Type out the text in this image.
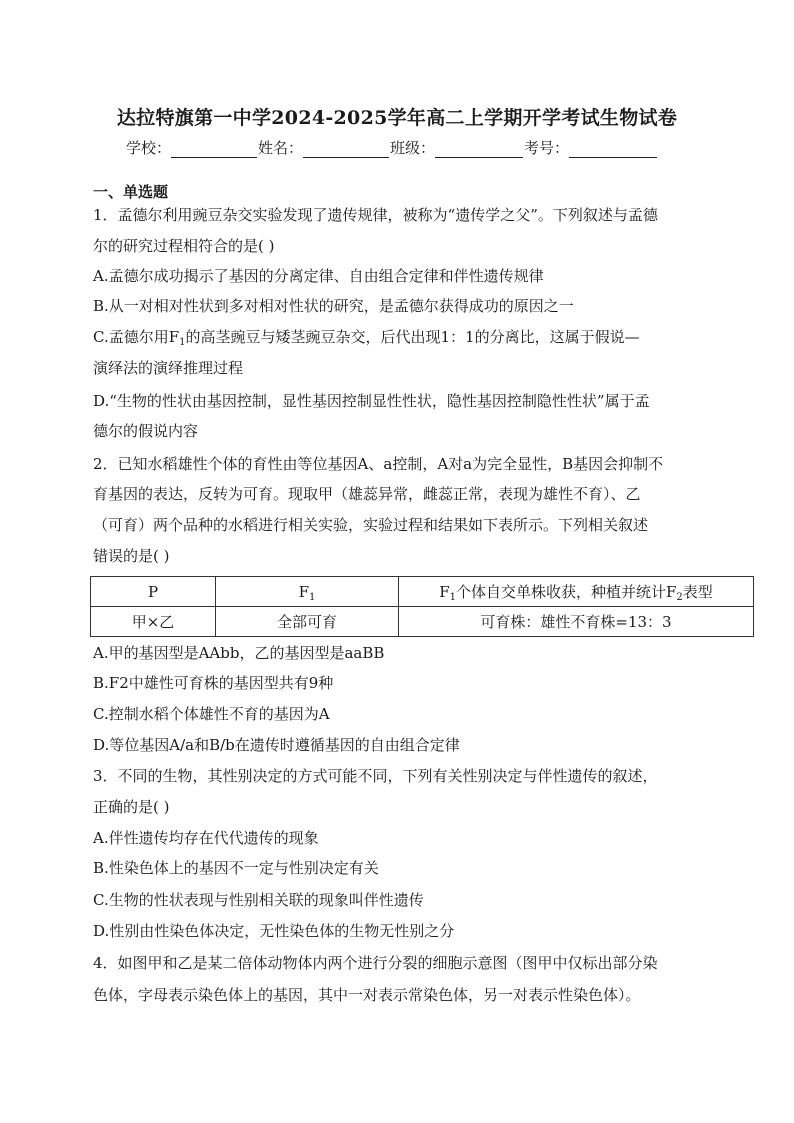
达拉特旗第一中学2024-2025学年高二上学期开学考试生物试卷
学校：	姓名：	班级：	考号：
一、单选题
1．孟德尔利用豌豆杂交实验发现了遗传规律，被称为“遗传学之父”。下列叙述与孟德
尔的研究过程相符合的是( )
A.孟德尔成功揭示了基因的分离定律、自由组合定律和伴性遗传规律
B.从一对相对性状到多对相对性状的研究，是孟德尔获得成功的原因之一
C.孟德尔用$F_1$的高茎豌豆与矮茎豌豆杂交，后代出现1：1的分离比，这属于假说—
演绎法的演绎推理过程
D.“生物的性状由基因控制，显性基因控制显性性状，隐性基因控制隐性性状”属于孟
德尔的假说内容
2．已知水稻雄性个体的育性由等位基因A、a控制，A对a为完全显性，B基因会抑制不
育基因的表达，反转为可育。现取甲（雄蕊异常，雌蕊正常，表现为雄性不育）、乙
（可育）两个品种的水稻进行相关实验，实验过程和结果如下表所示。下列相关叙述
错误的是( )
P	$F_1$	$F_1$个体自交单株收获，种植并统计$F_2$表型
甲×乙	全部可育	可育株：雄性不育株=13：3
A.甲的基因型是AAbb，乙的基因型是aaBB
B.F2中雄性可育株的基因型共有9种
C.控制水稻个体雄性不育的基因为A
D.等位基因A/a和B/b在遗传时遵循基因的自由组合定律
3．不同的生物，其性别决定的方式可能不同，下列有关性别决定与伴性遗传的叙述，
正确的是( )
A.伴性遗传均存在代代遗传的现象
B.性染色体上的基因不一定与性别决定有关
C.生物的性状表现与性别相关联的现象叫伴性遗传
D.性别由性染色体决定，无性染色体的生物无性别之分
4．如图甲和乙是某二倍体动物体内两个进行分裂的细胞示意图（图甲中仅标出部分染
色体，字母表示染色体上的基因，其中一对表示常染色体，另一对表示性染色体）。
